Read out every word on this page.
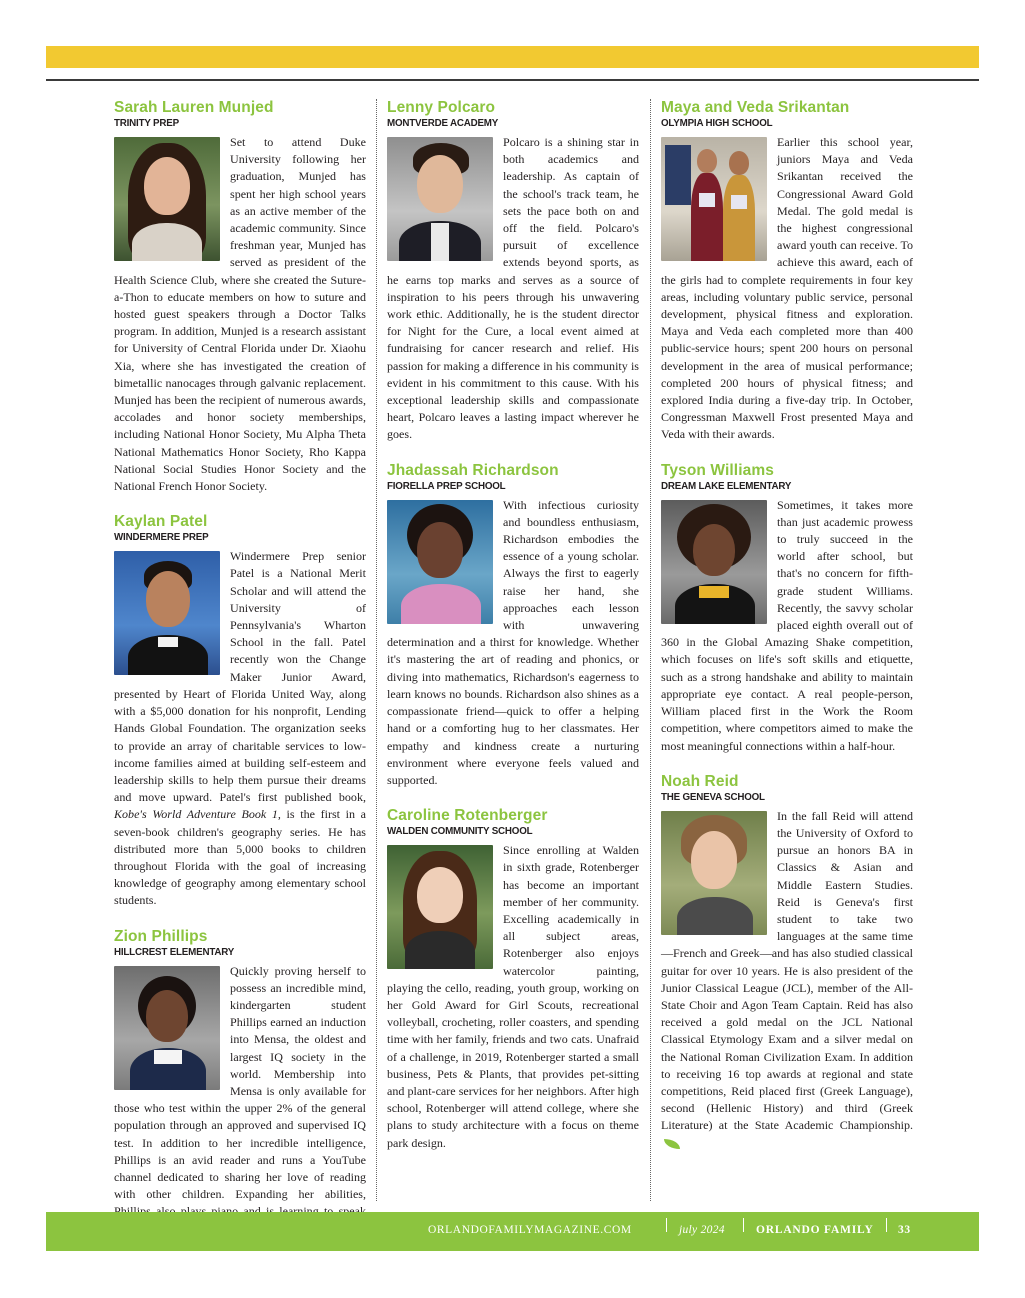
Sarah Lauren Munjed
TRINITY PREP
Set to attend Duke University following her graduation, Munjed has spent her high school years as an active member of the academic community. Since freshman year, Munjed has served as president of the Health Science Club, where she created the Suture-a-Thon to educate members on how to suture and hosted guest speakers through a Doctor Talks program. In addition, Munjed is a research assistant for University of Central Florida under Dr. Xiaohu Xia, where she has investigated the creation of bimetallic nanocages through galvanic replacement. Munjed has been the recipient of numerous awards, accolades and honor society memberships, including National Honor Society, Mu Alpha Theta National Mathematics Honor Society, Rho Kappa National Social Studies Honor Society and the National French Honor Society.
Kaylan Patel
WINDERMERE PREP
Windermere Prep senior Patel is a National Merit Scholar and will attend the University of Pennsylvania's Wharton School in the fall. Patel recently won the Change Maker Junior Award, presented by Heart of Florida United Way, along with a $5,000 donation for his nonprofit, Lending Hands Global Foundation. The organization seeks to provide an array of charitable services to low-income families aimed at building self-esteem and leadership skills to help them pursue their dreams and move upward. Patel's first published book, Kobe's World Adventure Book 1, is the first in a seven-book children's geography series. He has distributed more than 5,000 books to children throughout Florida with the goal of increasing knowledge of geography among elementary school students.
Zion Phillips
HILLCREST ELEMENTARY
Quickly proving herself to possess an incredible mind, kindergarten student Phillips earned an induction into Mensa, the oldest and largest IQ society in the world. Membership into Mensa is only available for those who test within the upper 2% of the general population through an approved and supervised IQ test. In addition to her incredible intelligence, Phillips is an avid reader and runs a YouTube channel dedicated to sharing her love of reading with other children. Expanding her abilities,
Lenny Polcaro
MONTVERDE ACADEMY
Polcaro is a shining star in both academics and leadership. As captain of the school's track team, he sets the pace both on and off the field. Polcaro's pursuit of excellence extends beyond sports, as he earns top marks and serves as a source of inspiration to his peers through his unwavering work ethic. Additionally, he is the student director for Night for the Cure, a local event aimed at fundraising for cancer research and relief. His passion for making a difference in his community is evident in his commitment to this cause. With his exceptional leadership skills and compassionate heart, Polcaro leaves a lasting impact wherever he goes.
Jhadassah Richardson
FIORELLA PREP SCHOOL
With infectious curiosity and boundless enthusiasm, Richardson embodies the essence of a young scholar. Always the first to eagerly raise her hand, she approaches each lesson with unwavering determination and a thirst for knowledge. Whether it's mastering the art of reading and phonics, or diving into mathematics, Richardson's eagerness to learn knows no bounds. Richardson also shines as a compassionate friend—quick to offer a helping hand or a comforting hug to her classmates. Her empathy and kindness create a nurturing environment where everyone feels valued and supported.
Caroline Rotenberger
WALDEN COMMUNITY SCHOOL
Since enrolling at Walden in sixth grade, Rotenberger has become an important member of her community. Excelling academically in all subject areas, Rotenberger also enjoys watercolor painting, playing the cello, reading, youth group, working on her Gold Award for Girl Scouts, recreational volleyball, crocheting, roller coasters, and spending time with her family, friends and two cats. Unafraid of a challenge, in 2019, Rotenberger started a small business, Pets & Plants, that provides pet-sitting and plant-care services for her neighbors. After high school, Rotenberger will attend college, where she plans to study architecture with a focus on theme park design.
Maya and Veda Srikantan
OLYMPIA HIGH SCHOOL
Earlier this school year, juniors Maya and Veda Srikantan received the Congressional Award Gold Medal. The gold medal is the highest congressional award youth can receive. To achieve this award, each of the girls had to complete requirements in four key areas, including voluntary public service, personal development, physical fitness and exploration. Maya and Veda each completed more than 400 public-service hours; spent 200 hours on personal development in the area of musical performance; completed 200 hours of physical fitness; and explored India during a five-day trip. In October, Congressman Maxwell Frost presented Maya and Veda with their awards.
Tyson Williams
DREAM LAKE ELEMENTARY
Sometimes, it takes more than just academic prowess to truly succeed in the world after school, but that's no concern for fifth-grade student Williams. Recently, the savvy scholar placed eighth overall out of 360 in the Global Amazing Shake competition, which focuses on life's soft skills and etiquette, such as a strong handshake and ability to maintain appropriate eye contact. A real people-person, William placed first in the Work the Room competition, where competitors aimed to make the most meaningful connections within a half-hour.
Noah Reid
THE GENEVA SCHOOL
In the fall Reid will attend the University of Oxford to pursue an honors BA in Classics & Asian and Middle Eastern Studies. Reid is Geneva's first student to take two languages at the same time—French and Greek—and has also studied classical guitar for over 10 years. He is also president of the Junior Classical League (JCL), member of the All-State Choir and Agon Team Captain. Reid has also received a gold medal on the JCL National Classical Etymology Exam and a silver medal on the National Roman Civilization Exam. In addition to receiving 16 top awards at regional and state competitions, Reid placed first (Greek Language), second (Hellenic History) and third (Greek Literature) at the State Academic Championship.
ORLANDOFAMILYMAGAZINE.COM	july 2024	ORLANDO FAMILY 33
